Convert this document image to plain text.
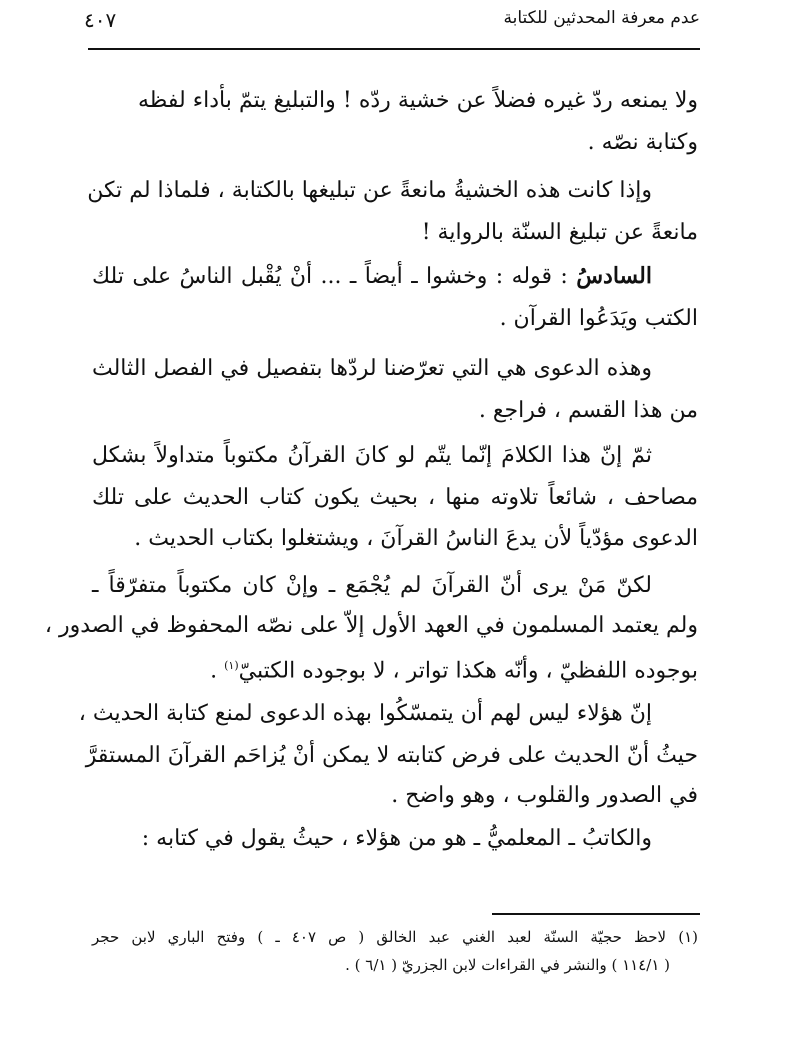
عدم معرفة المحدثين للكتابة
٤٠٧
ولا يمنعه ردّ غيره فضلاً عن خشية ردّه ! والتبليغ يتمّ بأداء لفظه
وكتابة نصّه .
وإذا كانت هذه الخشيةُ مانعةً عن تبليغها بالكتابة ، فلماذا لم تكن
مانعةً عن تبليغ السنّة بالرواية !
السادسُ : قوله : وخشوا ـ أيضاً ـ ... أنْ يُقْبل الناسُ على تلك
الكتب ويَدَعُوا القرآن .
وهذه الدعوى هي التي تعرّضنا لردّها بتفصيل في الفصل الثالث
من هذا القسم ، فراجع .
ثمّ إنّ هذا الكلامَ إنّما يتّم لو كانَ القرآنُ مكتوباً متداولاً بشكل
مصاحف ، شائعاً تلاوته منها ، بحيث يكون كتاب الحديث على تلك
الدعوى مؤدّياً لأن يدعَ الناسُ القرآنَ ، ويشتغلوا بكتاب الحديث .
لكنّ مَنْ يرى أنّ القرآنَ لم يُجْمَع ـ وإنْ كان مكتوباً متفرّقاً ـ
ولم يعتمد المسلمون في العهد الأول إلاّ على نصّه المحفوظ في الصدور ،
بوجوده اللفظيّ ، وأنّه هكذا تواتر ، لا بوجوده الكتبيّ$^{(١)}$ .
إنّ هؤلاء ليس لهم أن يتمسّكُوا بهذه الدعوى لمنع كتابة الحديث ،
حيثُ أنّ الحديث على فرض كتابته لا يمكن أنْ يُزاحَم القرآنَ المستقرَّ
في الصدور والقلوب ، وهو واضح .
والكاتبُ ـ المعلميُّ ـ هو من هؤلاء ، حيثُ يقول في كتابه :
(١) لاحظ حجيّة السنّة لعبد الغني عبد الخالق ( ص ٤٠٧ ـ ) وفتح الباري لابن حجر
( ١١٤/١ ) والنشر في القراءات لابن الجزريّ ( ٦/١ ) .
